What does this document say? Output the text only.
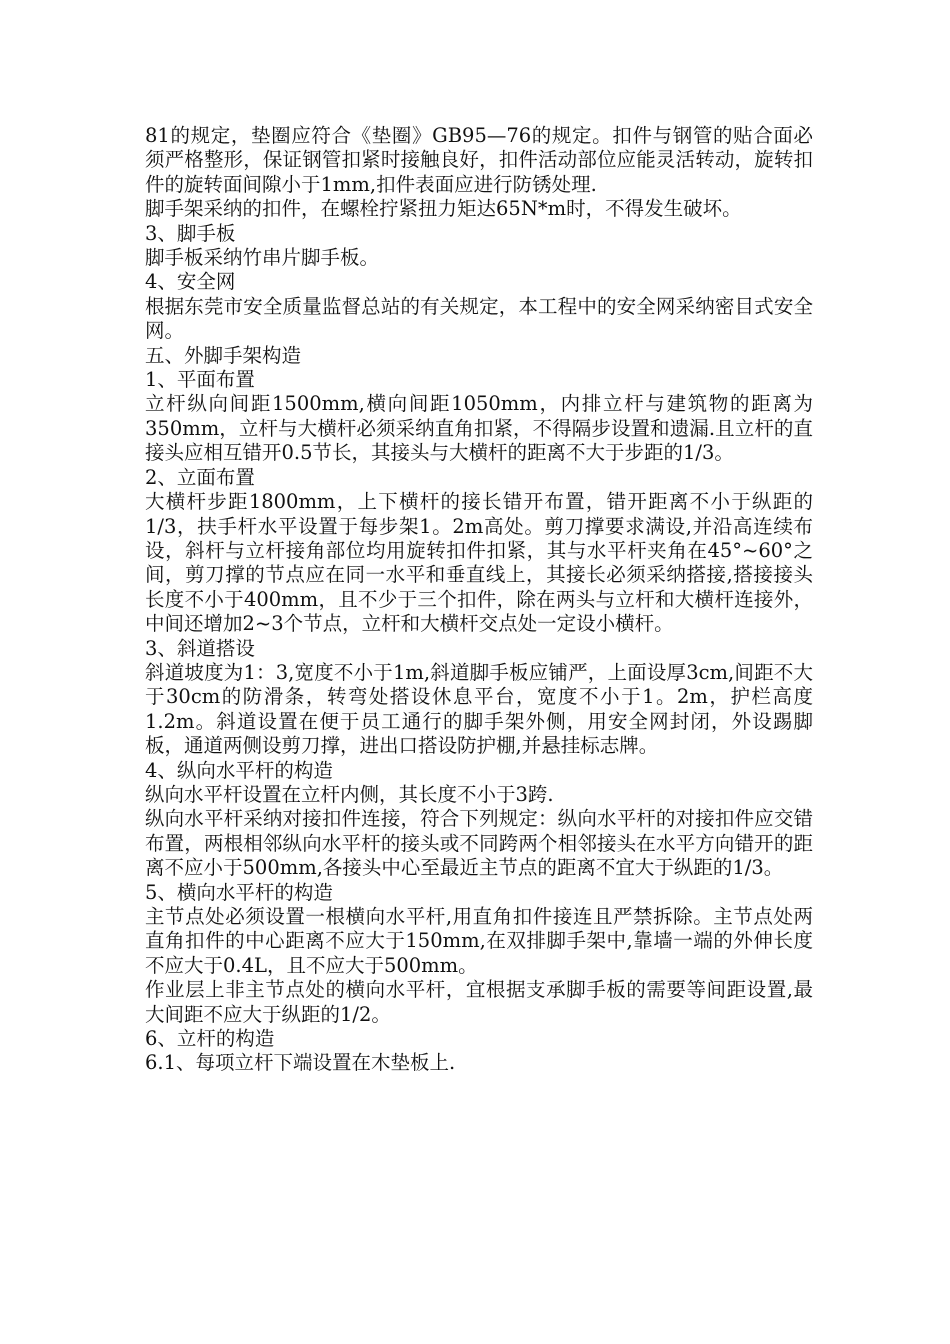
81的规定，垫圈应符合《垫圈》GB95—76的规定。扣件与钢管的贴合面必须严格整形，保证钢管扣紧时接触良好，扣件活动部位应能灵活转动，旋转扣件的旋转面间隙小于1mm,扣件表面应进行防锈处理.

脚手架采纳的扣件，在螺栓拧紧扭力矩达65N*m时，不得发生破坏。

3、脚手板

脚手板采纳竹串片脚手板。

4、安全网

根据东莞市安全质量监督总站的有关规定，本工程中的安全网采纳密目式安全网。

五、外脚手架构造

1、平面布置

立杆纵向间距1500mm,横向间距1050mm，内排立杆与建筑物的距离为350mm，立杆与大横杆必须采纳直角扣紧，不得隔步设置和遗漏.且立杆的直接头应相互错开0.5节长，其接头与大横杆的距离不大于步距的1/3。

2、立面布置

大横杆步距1800mm，上下横杆的接长错开布置，错开距离不小于纵距的1/3，扶手杆水平设置于每步架1。2m高处。剪刀撑要求满设,并沿高连续布设，斜杆与立杆接角部位均用旋转扣件扣紧，其与水平杆夹角在45°~60°之间，剪刀撑的节点应在同一水平和垂直线上，其接长必须采纳搭接,搭接接头长度不小于400mm，且不少于三个扣件，除在两头与立杆和大横杆连接外，中间还增加2~3个节点，立杆和大横杆交点处一定设小横杆。

3、斜道搭设

斜道坡度为1：3,宽度不小于1m,斜道脚手板应铺严，上面设厚3cm,间距不大于30cm的防滑条，转弯处搭设休息平台，宽度不小于1。2m，护栏高度1.2m。斜道设置在便于员工通行的脚手架外侧，用安全网封闭，外设踢脚板，通道两侧设剪刀撑，进出口搭设防护棚,并悬挂标志牌。

4、纵向水平杆的构造

纵向水平杆设置在立杆内侧，其长度不小于3跨.

纵向水平杆采纳对接扣件连接，符合下列规定：纵向水平杆的对接扣件应交错布置，两根相邻纵向水平杆的接头或不同跨两个相邻接头在水平方向错开的距离不应小于500mm,各接头中心至最近主节点的距离不宜大于纵距的1/3。

5、横向水平杆的构造

主节点处必须设置一根横向水平杆,用直角扣件接连且严禁拆除。主节点处两直角扣件的中心距离不应大于150mm,在双排脚手架中,靠墙一端的外伸长度不应大于0.4L，且不应大于500mm。

作业层上非主节点处的横向水平杆，宜根据支承脚手板的需要等间距设置,最大间距不应大于纵距的1/2。

6、立杆的构造

6.1、每项立杆下端设置在木垫板上.
